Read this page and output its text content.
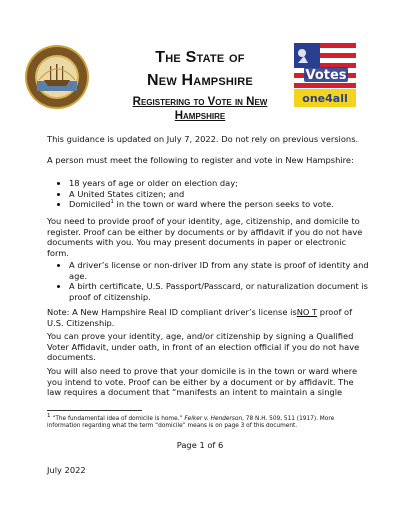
The State of
New Hampshire
Registering to Vote in New
Hampshire
Votes
one4all

This guidance is updated on July 7, 2022. Do not rely on previous versions.

A person must meet the following to register and vote in New Hampshire:

• 18 years of age or older on election day;
• A United States citizen; and
• Domiciled$^1$ in the town or ward where the person seeks to vote.

You need to provide proof of your identity, age, citizenship, and domicile to register. Proof can be either by documents or by affidavit if you do not have documents with you. You may present documents in paper or electronic form.

• A driver’s license or non-driver ID from any state is proof of identity and age.
• A birth certificate, U.S. Passport/Passcard, or naturalization document is proof of citizenship.

Note: A New Hampshire Real ID compliant driver’s license isNO T proof of U.S. Citizenship.

You can prove your identity, age, and/or citizenship by signing a Qualified Voter Affidavit, under oath, in front of an election official if you do not have documents.

You will also need to prove that your domicile is in the town or ward where you intend to vote. Proof can be either by a document or by affidavit. The law requires a document that “manifests an intent to maintain a single

$^1$ “The fundamental idea of domicile is home.” Felker v. Henderson, 78 N.H. 509, 511 (1917). More information regarding what the term “domicile” means is on page 3 of this document.

Page 1 of 6
July 2022
